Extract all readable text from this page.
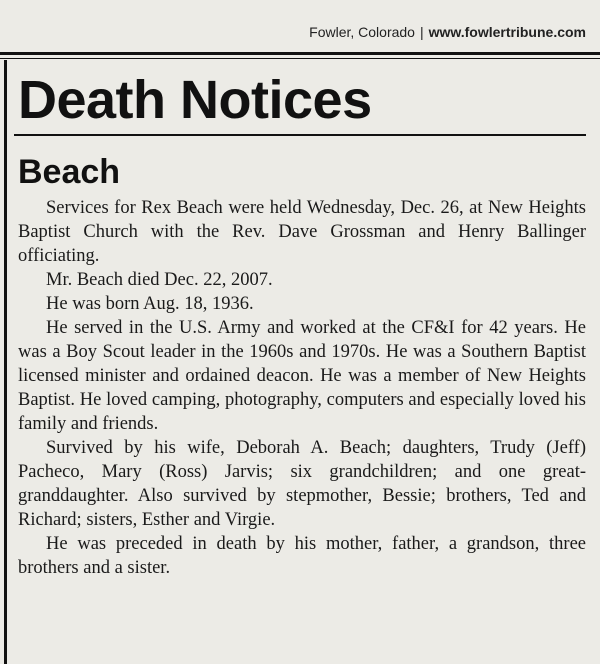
Fowler, Colorado | www.fowlertribune.com
Death Notices
Beach

Services for Rex Beach were held Wednesday, Dec. 26, at New Heights Baptist Church with the Rev. Dave Grossman and Henry Ballinger officiating.

Mr. Beach died Dec. 22, 2007.

He was born Aug. 18, 1936.

He served in the U.S. Army and worked at the CF&I for 42 years. He was a Boy Scout leader in the 1960s and 1970s. He was a Southern Baptist licensed minister and ordained deacon. He was a member of New Heights Baptist. He loved camping, photography, computers and especially loved his family and friends.

Survived by his wife, Deborah A. Beach; daughters, Trudy (Jeff) Pacheco, Mary (Ross) Jarvis; six grandchildren; and one great-granddaughter. Also survived by stepmother, Bessie; brothers, Ted and Richard; sisters, Esther and Virgie.

He was preceded in death by his mother, father, a grandson, three brothers and a sister.
